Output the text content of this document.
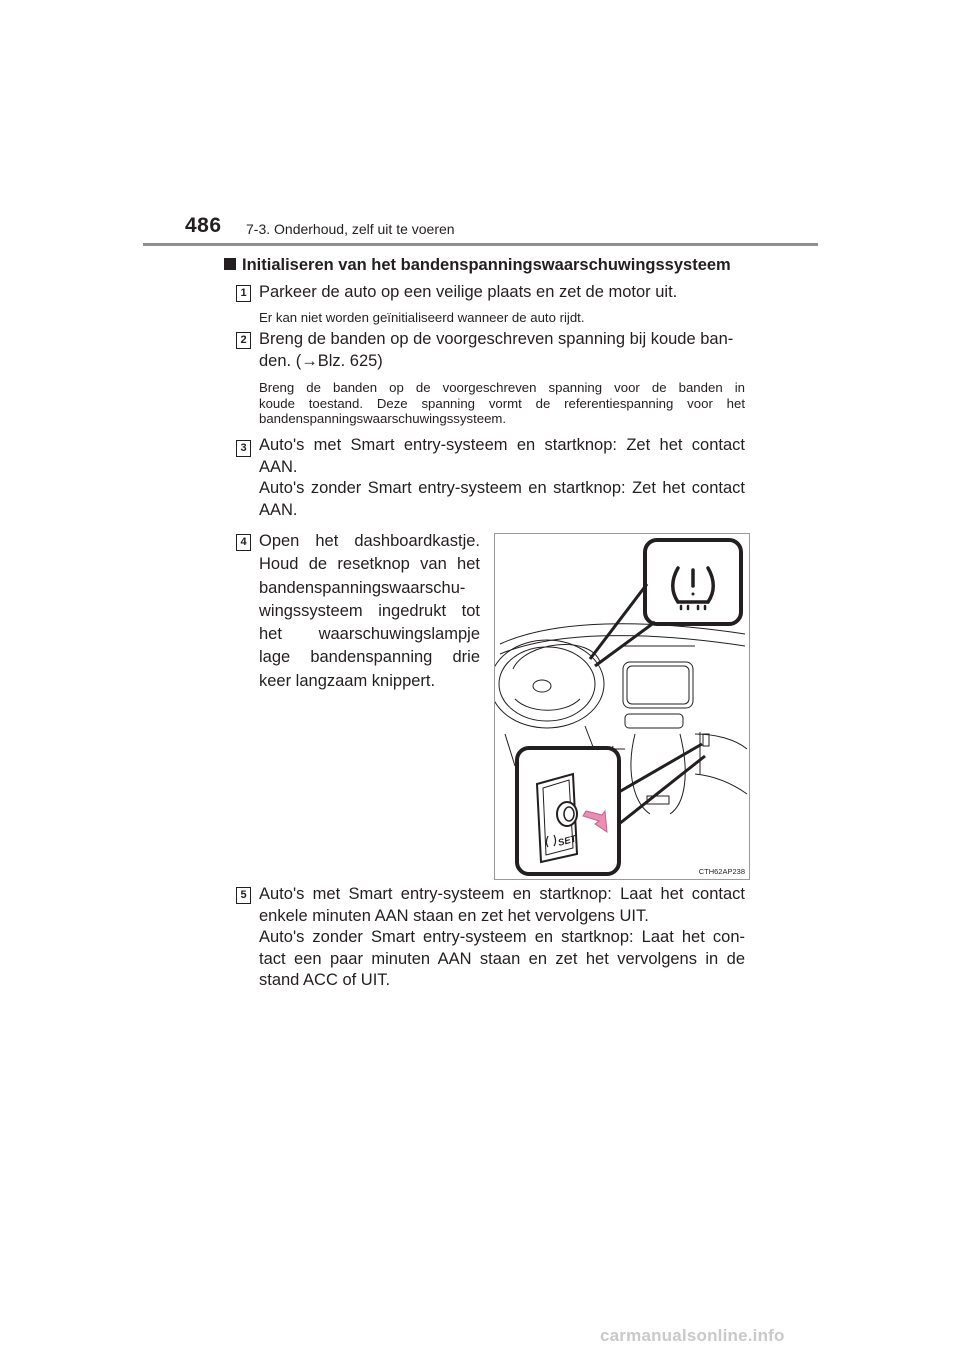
486 7-3. Onderhoud, zelf uit te voeren
Initialiseren van het bandenspanningswaarschuwingssysteem
1 Parkeer de auto op een veilige plaats en zet de motor uit.
Er kan niet worden geïnitialiseerd wanneer de auto rijdt.
2 Breng de banden op de voorgeschreven spanning bij koude ban-
den. (→Blz. 625)
Breng de banden op de voorgeschreven spanning voor de banden in
koude toestand. Deze spanning vormt de referentiespanning voor het
bandenspanningswaarschuwingssysteem.
3 Auto's met Smart entry-systeem en startknop: Zet het contact
AAN.
Auto's zonder Smart entry-systeem en startknop: Zet het contact
AAN.
4 Open het dashboardkastje.
Houd de resetknop van het
bandenspanningswaarschu-
wingssysteem ingedrukt tot
het waarschuwingslampje
lage bandenspanning drie
keer langzaam knippert.
SET
CTH62AP238
5 Auto's met Smart entry-systeem en startknop: Laat het contact
enkele minuten AAN staan en zet het vervolgens UIT.
Auto's zonder Smart entry-systeem en startknop: Laat het con-
tact een paar minuten AAN staan en zet het vervolgens in de
stand ACC of UIT.
carmanualsonline.info
